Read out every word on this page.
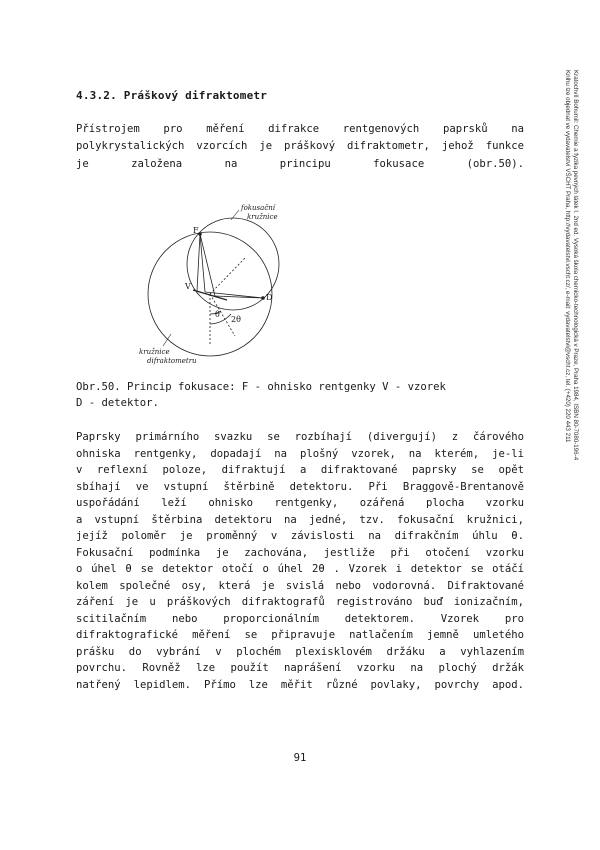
4.3.2. Práškový difraktometr
Přístrojem pro měření difrakce rentgenových paprsků na
polykrystalických vzorcích je práškový difraktometr, jehož funkce
je založena na principu fokusace (obr.50).
fokusační
kružnice
F
V
D
θ
2θ
kružnice
difraktometru
Obr.50. Princip fokusace: F - ohnisko rentgenky V - vzorek
D - detektor.
Paprsky primárního svazku se rozbíhají (divergují) z čárového
ohniska rentgenky, dopadají na plošný vzorek, na kterém, je-li
v reflexní poloze, difraktují a difraktované paprsky se opět
sbíhají ve vstupní štěrbině detektoru. Při Braggově-Brentanově
uspořádání leží ohnisko rentgenky, ozářená plocha vzorku
a vstupní štěrbina detektoru na jedné, tzv. fokusační kružnici,
jejíž poloměr je proměnný v závislosti na difrakčním úhlu θ.
Fokusační podmínka je zachována, jestliže při otočení vzorku
o úhel θ se detektor otočí o úhel 2θ . Vzorek i detektor se otáčí
kolem společné osy, která je svislá nebo vodorovná. Difraktované
záření je u práškových difraktografů registrováno buď ionizačním,
scitilačním nebo proporcionálním detektorem. Vzorek pro
difraktografické měření se připravuje natlačením jemně umletého
prášku do vybrání v plochém plexisklovém držáku a vyhlazením
povrchu. Rovněž lze použít naprášení vzorku na plochý držák
natřený lepidlem. Přímo lze měřit různé povlaky, povrchy apod.
Kratochvíl Bohumil: Chemie a fyzika pevných látek I. 2nd ed. Vysoká škola chemicko-technologická v Praze, Praha 1984, ISBN 80-7080-196-4
Knihu lze objednat ve vydavatelství VŠCHT Praha, http://vydavatelstvi.vscht.cz/, e-mail: vydavatelstvi@vscht.cz, tel. (+420) 220 443 211
91
